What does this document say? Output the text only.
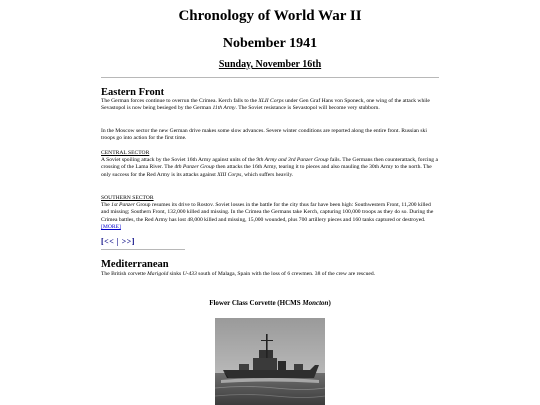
Chronology of World War II
Nobember 1941
Sunday, November 16th
Eastern Front
The German forces continue to overrun the Crimea. Kerch falls to the XLII Corps under Gen Graf Hans von Sponeck, one wing of the attack while Sevastopol is now being besieged by the German 11th Army. The Soviet resistance is Sevastopol will become very stubborn.
In the Moscow sector the new German drive makes some slow advances. Severe winter conditions are reported along the entire front. Russian ski troops go into action for the first time.
CENTRAL SECTOR
A Soviet spoiling attack by the Soviet 16th Army against units of the 9th Army and 3rd Panzer Group fails. The Germans then counterattack, forcing a crossing of the Lama River. The 4th Panzer Group then attacks the 16th Army, tearing it to pieces and also mauling the 30th Army to the north. The only success for the Red Army is its attacks against XIII Corps, which suffers heavily.
SOUTHERN SECTOR
The 1st Panzer Group resumes its drive to Rostov. Soviet losses in the battle for the city thus far have been high: Southwestern Front, 11,200 killed and missing; Southern Front, 132,000 killed and missing. In the Crimea the Germans take Kerch, capturing 100,000 troops as they do so. During the Crimea battles, the Red Army has lost 48,000 killed and missing, 15,000 wounded, plus 700 artillery pieces and 160 tanks captured or destroyed.[MORE]
[<< | >>]
Mediterranean
The British corvette Marigold sinks U-433 south of Malaga, Spain with the loss of 6 crewmen. 38 of the crew are rescued.
Flower Class Corvette (HCMS Moncton)
